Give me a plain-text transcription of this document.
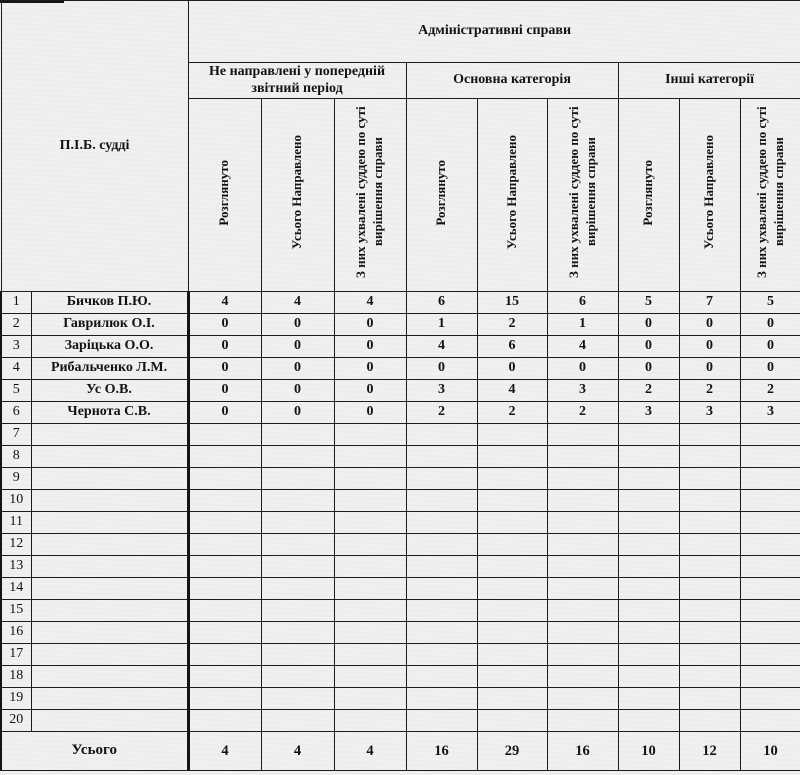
П.І.Б. судді		Адміністративні справи								
		Не направлені у попередній звітний період			Основна категорія			Інші категорії		
		Розглянуто	Усього Направлено	З них ухвалені суддею по суті вирішення справи	Розглянуто	Усього Направлено	З них ухвалені суддею по суті вирішення справи	Розглянуто	Усього Направлено	З них ухвалені суддею по суті вирішення справи
1	Бичков П.Ю.	4	4	4	6	15	6	5	7	5
2	Гаврилюк О.І.	0	0	0	1	2	1	0	0	0
3	Заріцька О.О.	0	0	0	4	6	4	0	0	0
4	Рибальченко Л.М.	0	0	0	0	0	0	0	0	0
5	Ус О.В.	0	0	0	3	4	3	2	2	2
6	Чернота С.В.	0	0	0	2	2	2	3	3	3
7										
8										
9										
10										
11										
12										
13										
14										
15										
16										
17										
18										
19										
20										
Усього		4	4	4	16	29	16	10	12	10
